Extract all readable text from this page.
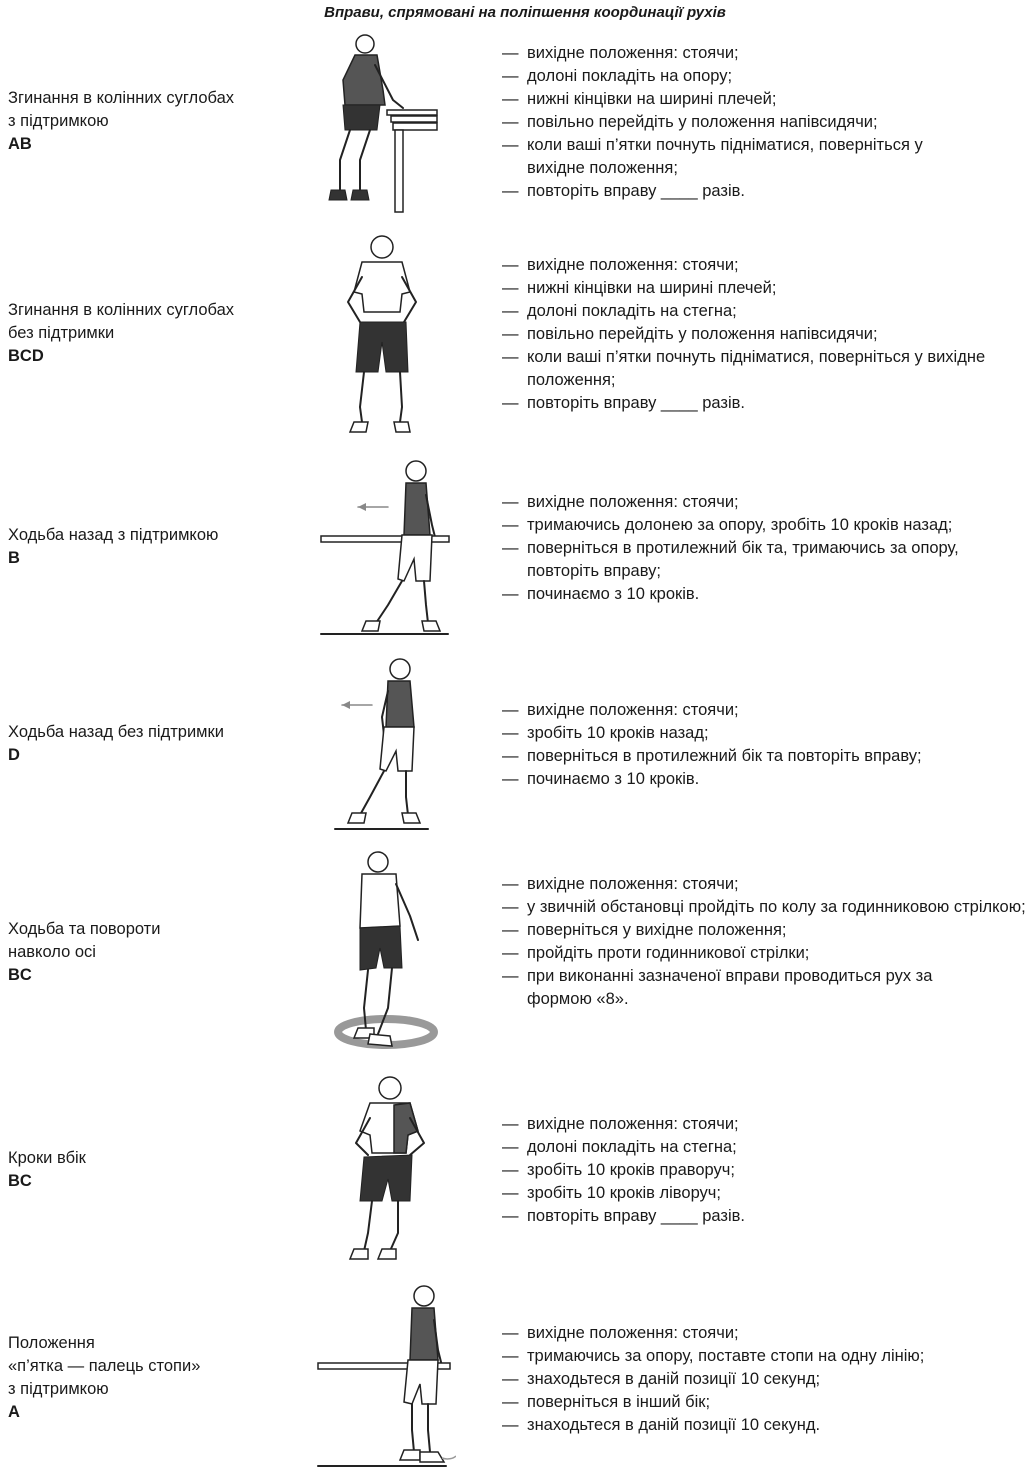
Вправи, спрямовані на поліпшення координації рухів
Згинання в колінних суглобах
з підтримкою
AB
— вихідне положення: стоячи;
— долоні покладіть на опору;
— нижні кінцівки на ширині плечей;
— повільно перейдіть у положення напівсидячи;
— коли ваші п’ятки почнуть підніматися, поверніться у вихідне положення;
— повторіть вправу ____ разів.
Згинання в колінних суглобах
без підтримки
BCD
— вихідне положення: стоячи;
— нижні кінцівки на ширині плечей;
— долоні покладіть на стегна;
— повільно перейдіть у положення напівсидячи;
— коли ваші п’ятки почнуть підніматися, поверніться у вихідне положення;
— повторіть вправу ____ разів.
Ходьба назад з підтримкою
B
— вихідне положення: стоячи;
— тримаючись долонею за опору, зробіть 10 кроків назад;
— поверніться в протилежний бік та, тримаючись за опору, повторіть вправу;
— починаємо з 10 кроків.
Ходьба назад без підтримки
D
— вихідне положення: стоячи;
— зробіть 10 кроків назад;
— поверніться в протилежний бік та повторіть вправу;
— починаємо з 10 кроків.
Ходьба та повороти
навколо осі
BC
— вихідне положення: стоячи;
— у звичній обстановці пройдіть по колу за годинниковою стрілкою;
— поверніться у вихідне положення;
— пройдіть проти годинникової стрілки;
— при виконанні зазначеної вправи проводиться рух за формою «8».
Кроки вбік
BC
— вихідне положення: стоячи;
— долоні покладіть на стегна;
— зробіть 10 кроків праворуч;
— зробіть 10 кроків ліворуч;
— повторіть вправу ____ разів.
Положення
«п’ятка — палець стопи»
з підтримкою
A
— вихідне положення: стоячи;
— тримаючись за опору, поставте стопи на одну лінію;
— знаходьтеся в даній позиції 10 секунд;
— поверніться в інший бік;
— знаходьтеся в даній позиції 10 секунд.
